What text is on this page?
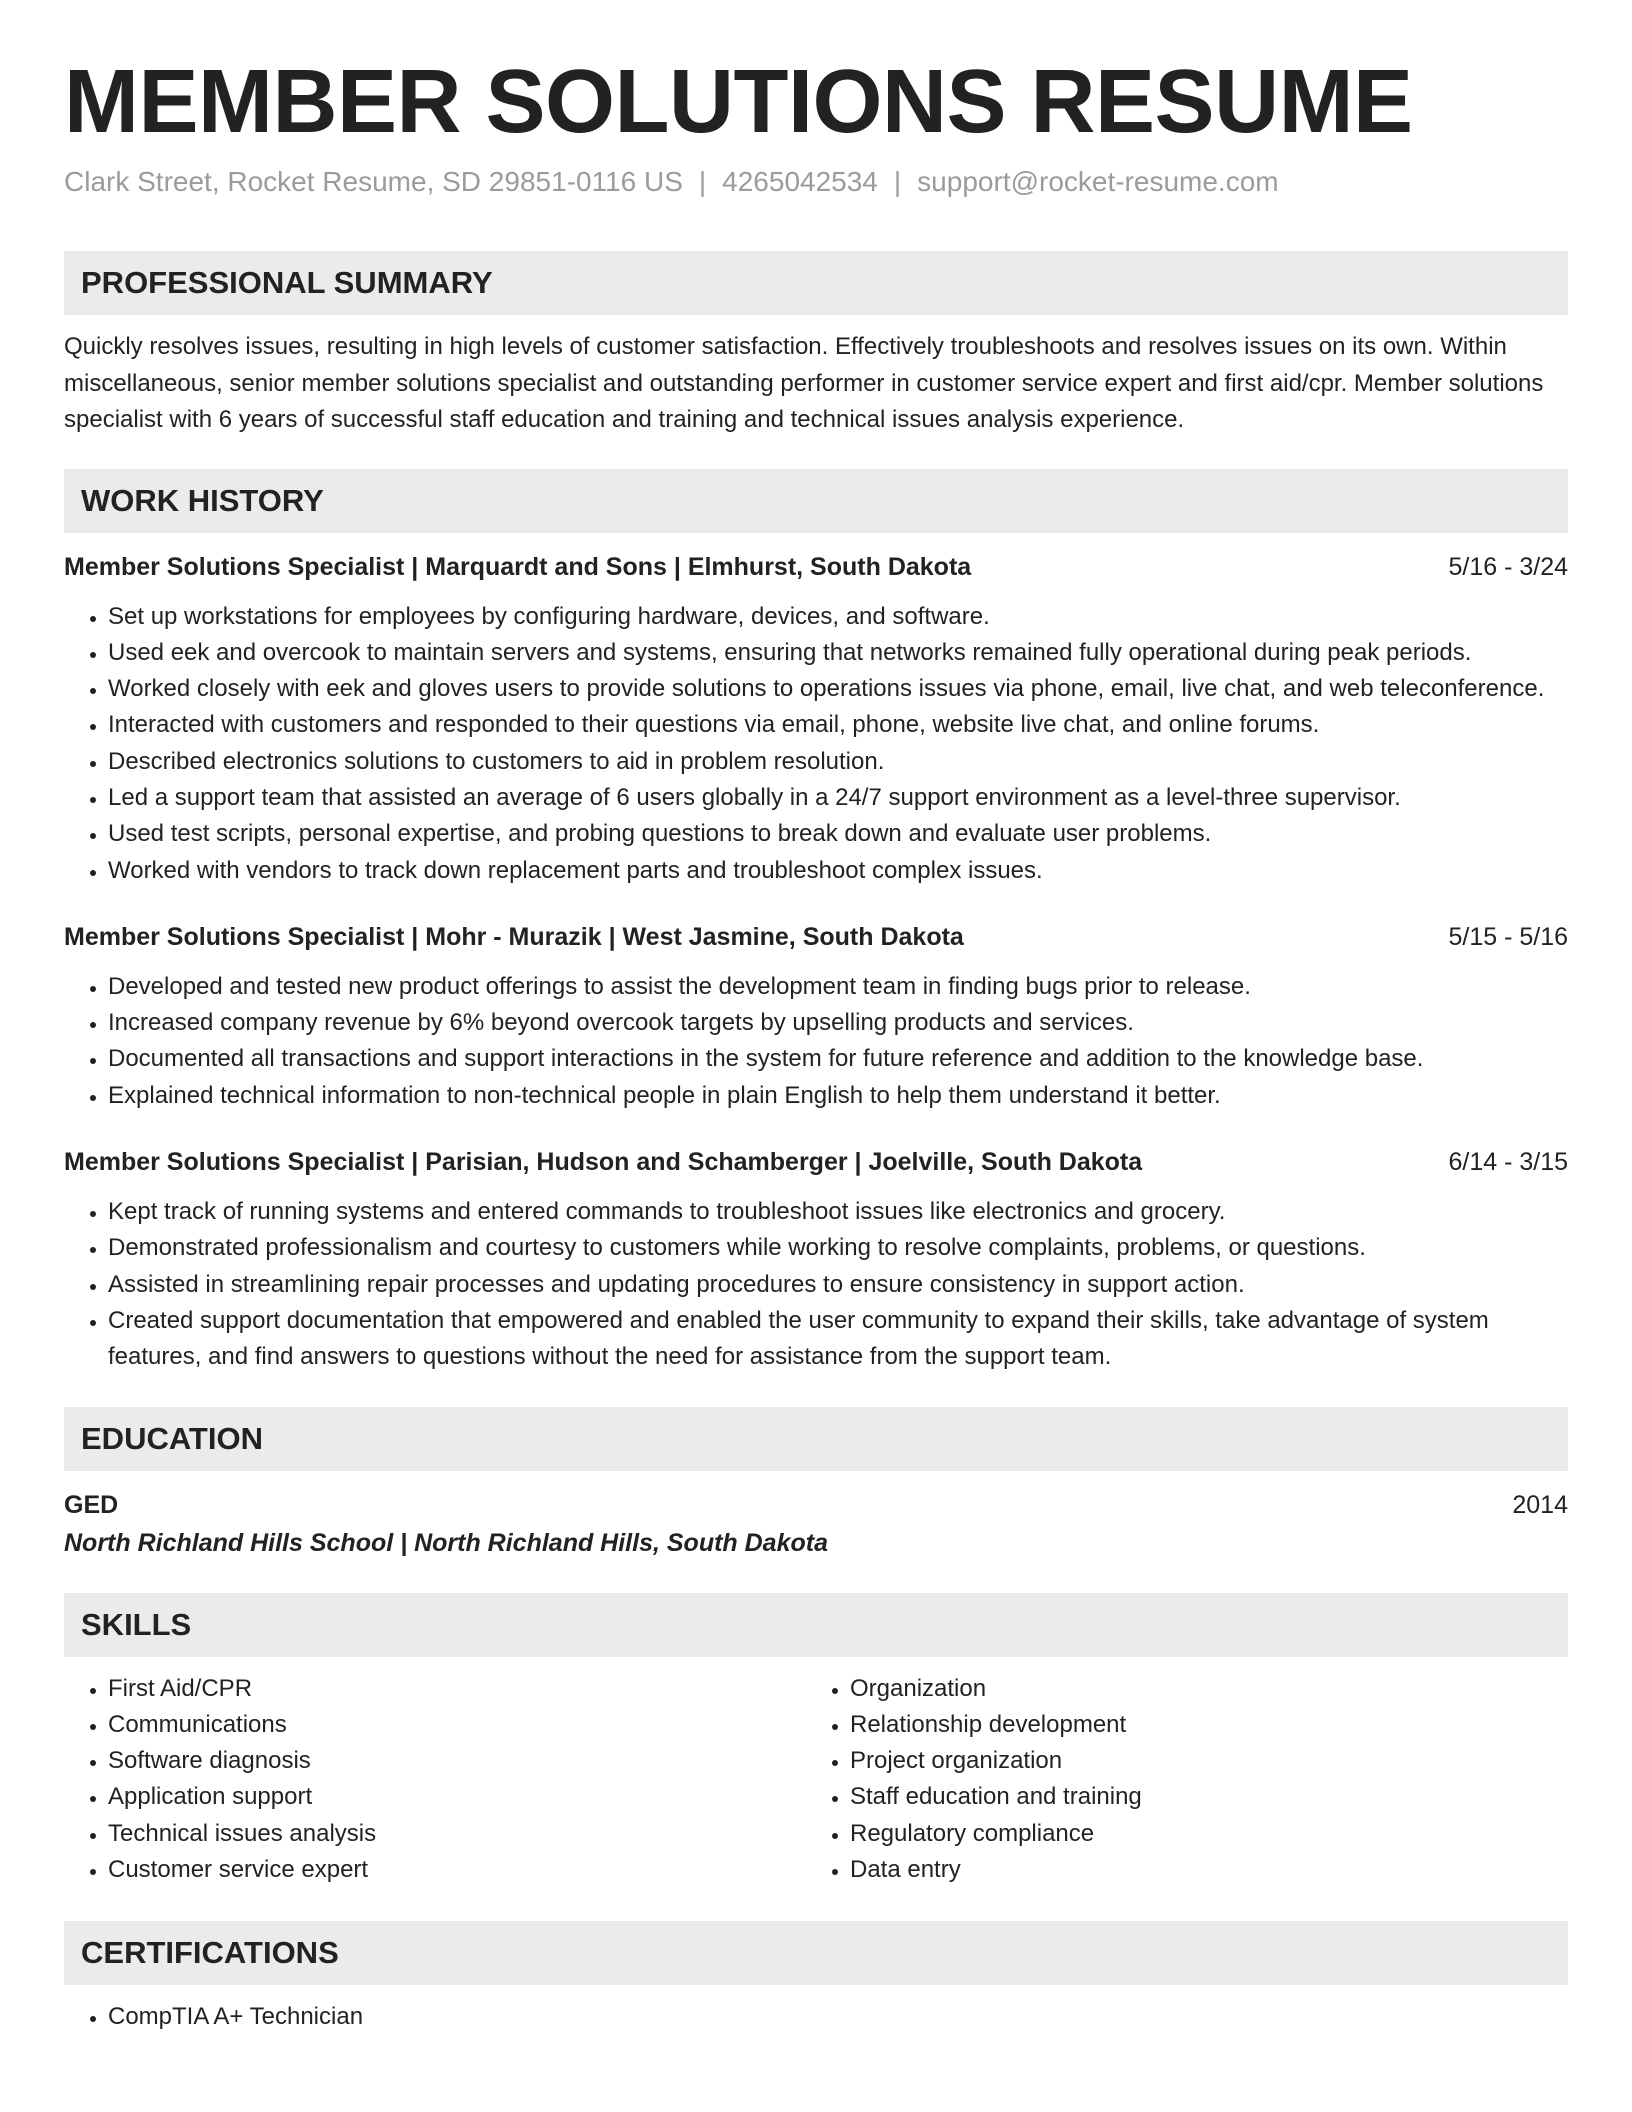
MEMBER SOLUTIONS RESUME
Clark Street, Rocket Resume, SD 29851-0116 US | 4265042534 | support@rocket-resume.com
PROFESSIONAL SUMMARY
Quickly resolves issues, resulting in high levels of customer satisfaction. Effectively troubleshoots and resolves issues on its own. Within miscellaneous, senior member solutions specialist and outstanding performer in customer service expert and first aid/cpr. Member solutions specialist with 6 years of successful staff education and training and technical issues analysis experience.
WORK HISTORY
Member Solutions Specialist | Marquardt and Sons | Elmhurst, South Dakota	5/16 - 3/24
• Set up workstations for employees by configuring hardware, devices, and software.
• Used eek and overcook to maintain servers and systems, ensuring that networks remained fully operational during peak periods.
• Worked closely with eek and gloves users to provide solutions to operations issues via phone, email, live chat, and web teleconference.
• Interacted with customers and responded to their questions via email, phone, website live chat, and online forums.
• Described electronics solutions to customers to aid in problem resolution.
• Led a support team that assisted an average of 6 users globally in a 24/7 support environment as a level-three supervisor.
• Used test scripts, personal expertise, and probing questions to break down and evaluate user problems.
• Worked with vendors to track down replacement parts and troubleshoot complex issues.
Member Solutions Specialist | Mohr - Murazik | West Jasmine, South Dakota	5/15 - 5/16
• Developed and tested new product offerings to assist the development team in finding bugs prior to release.
• Increased company revenue by 6% beyond overcook targets by upselling products and services.
• Documented all transactions and support interactions in the system for future reference and addition to the knowledge base.
• Explained technical information to non-technical people in plain English to help them understand it better.
Member Solutions Specialist | Parisian, Hudson and Schamberger | Joelville, South Dakota	6/14 - 3/15
• Kept track of running systems and entered commands to troubleshoot issues like electronics and grocery.
• Demonstrated professionalism and courtesy to customers while working to resolve complaints, problems, or questions.
• Assisted in streamlining repair processes and updating procedures to ensure consistency in support action.
• Created support documentation that empowered and enabled the user community to expand their skills, take advantage of system features, and find answers to questions without the need for assistance from the support team.
EDUCATION
GED	2014
North Richland Hills School | North Richland Hills, South Dakota
SKILLS
• First Aid/CPR
• Communications
• Software diagnosis
• Application support
• Technical issues analysis
• Customer service expert
• Organization
• Relationship development
• Project organization
• Staff education and training
• Regulatory compliance
• Data entry
CERTIFICATIONS
• CompTIA A+ Technician
